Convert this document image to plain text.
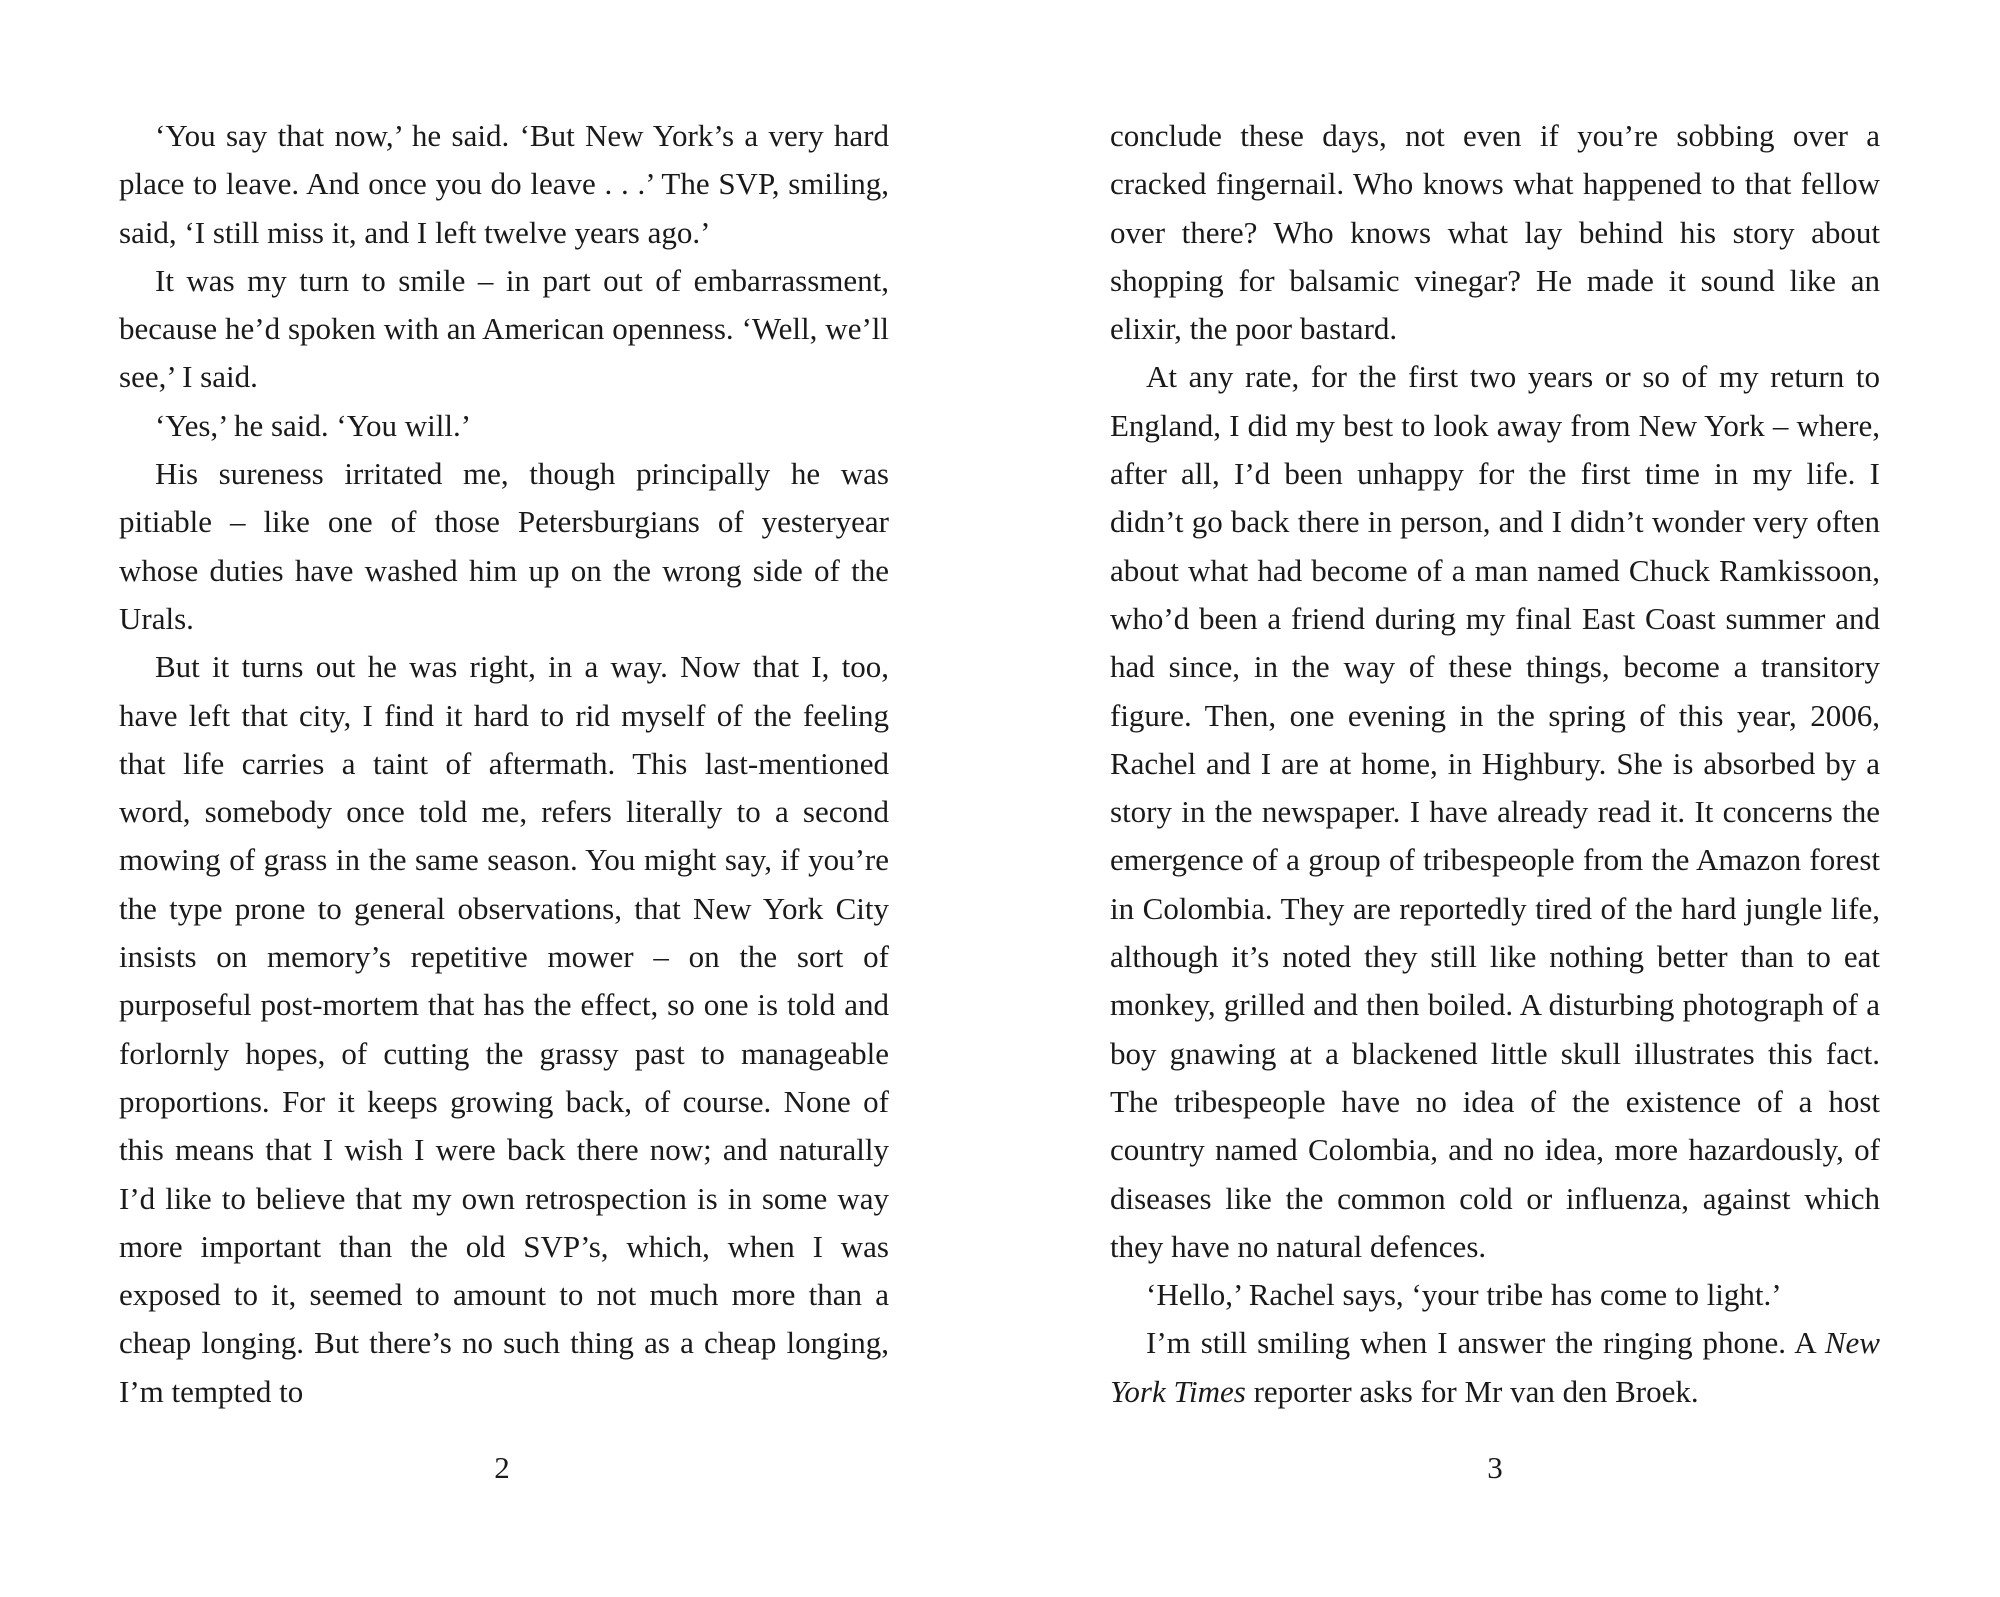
‘You say that now,’ he said. ‘But New York’s a very hard place to leave. And once you do leave . . .’ The SVP, smiling, said, ‘I still miss it, and I left twelve years ago.’

It was my turn to smile – in part out of embarrassment, because he’d spoken with an American openness. ‘Well, we’ll see,’ I said.

‘Yes,’ he said. ‘You will.’

His sureness irritated me, though principally he was pitiable – like one of those Petersburgians of yesteryear whose duties have washed him up on the wrong side of the Urals.

But it turns out he was right, in a way. Now that I, too, have left that city, I find it hard to rid myself of the feeling that life carries a taint of aftermath. This last-mentioned word, somebody once told me, refers literally to a second mowing of grass in the same season. You might say, if you’re the type prone to general observations, that New York City insists on memory’s repetitive mower – on the sort of purposeful post-mortem that has the effect, so one is told and forlornly hopes, of cutting the grassy past to manageable proportions. For it keeps growing back, of course. None of this means that I wish I were back there now; and naturally I’d like to believe that my own retrospection is in some way more important than the old SVP’s, which, when I was exposed to it, seemed to amount to not much more than a cheap longing. But there’s no such thing as a cheap longing, I’m tempted to

2

conclude these days, not even if you’re sobbing over a cracked fingernail. Who knows what happened to that fellow over there? Who knows what lay behind his story about shopping for balsamic vinegar? He made it sound like an elixir, the poor bastard.

At any rate, for the first two years or so of my return to England, I did my best to look away from New York – where, after all, I’d been unhappy for the first time in my life. I didn’t go back there in person, and I didn’t wonder very often about what had become of a man named Chuck Ramkissoon, who’d been a friend during my final East Coast summer and had since, in the way of these things, become a transitory figure. Then, one evening in the spring of this year, 2006, Rachel and I are at home, in Highbury. She is absorbed by a story in the newspaper. I have already read it. It concerns the emergence of a group of tribespeople from the Amazon forest in Colombia. They are reportedly tired of the hard jungle life, although it’s noted they still like nothing better than to eat monkey, grilled and then boiled. A disturbing photograph of a boy gnawing at a blackened little skull illustrates this fact. The tribespeople have no idea of the existence of a host country named Colombia, and no idea, more hazardously, of diseases like the common cold or influenza, against which they have no natural defences.

‘Hello,’ Rachel says, ‘your tribe has come to light.’

I’m still smiling when I answer the ringing phone. A New York Times reporter asks for Mr van den Broek.

3
